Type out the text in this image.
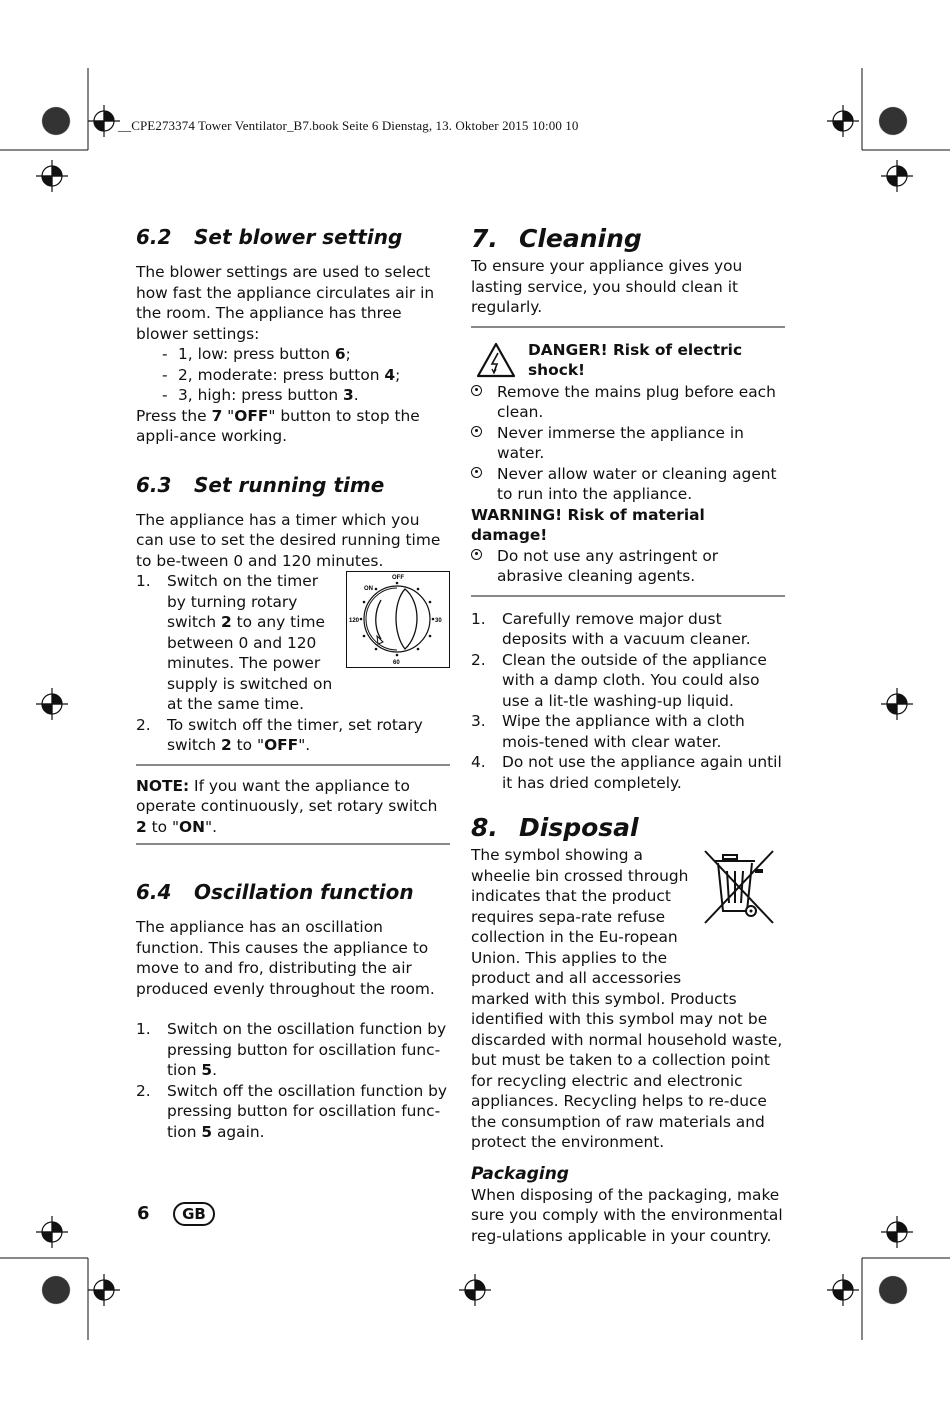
__CPE273374 Tower Ventilator_B7.book Seite 6 Dienstag, 13. Oktober 2015 10:00 10
6.2 Set blower setting

The blower settings are used to select how fast the appliance circulates air in the room. The appliance has three blower settings:

- 1, low: press button 6;
- 2, moderate: press button 4;
- 3, high: press button 3.

Press the 7 "OFF" button to stop the appli-ance working.

6.3 Set running time

The appliance has a timer which you can use to set the desired running time to be-tween 0 and 120 minutes.

ON
OFF
120	30
60
1. Switch on the timer by turning rotary switch 2 to any time between 0 and 120 minutes. The power supply is switched on at the same time.
2. To switch off the timer, set rotary switch 2 to "OFF".

NOTE: If you want the appliance to operate continuously, set rotary switch 2 to "ON".

6.4 Oscillation function

The appliance has an oscillation function. This causes the appliance to move to and fro, distributing the air produced evenly throughout the room.

1. Switch on the oscillation function by pressing button for oscillation func-tion 5.
2. Switch off the oscillation function by pressing button for oscillation func-tion 5 again.
7. Cleaning

To ensure your appliance gives you lasting service, you should clean it regularly.

DANGER! Risk of electric shock!
Remove the mains plug before each clean.
Never immerse the appliance in water.
Never allow water or cleaning agent to run into the appliance.

WARNING! Risk of material damage!

Do not use any astringent or abrasive cleaning agents.
1. Carefully remove major dust deposits with a vacuum cleaner.
2. Clean the outside of the appliance with a damp cloth. You could also use a lit-tle washing-up liquid.
3. Wipe the appliance with a cloth mois-tened with clear water.
4. Do not use the appliance again until it has dried completely.
8. Disposal

The symbol showing a wheelie bin crossed through indicates that the product requires sepa-rate refuse collection in the Eu-ropean Union. This applies to the product and all accessories

marked with this symbol. Products identified with this symbol may not be discarded with normal household waste, but must be taken to a collection point for recycling electric and electronic appliances. Recycling helps to re-duce the consumption of raw materials and protect the environment.

Packaging

When disposing of the packaging, make sure you comply with the environmental reg-ulations applicable in your country.

6	GB
